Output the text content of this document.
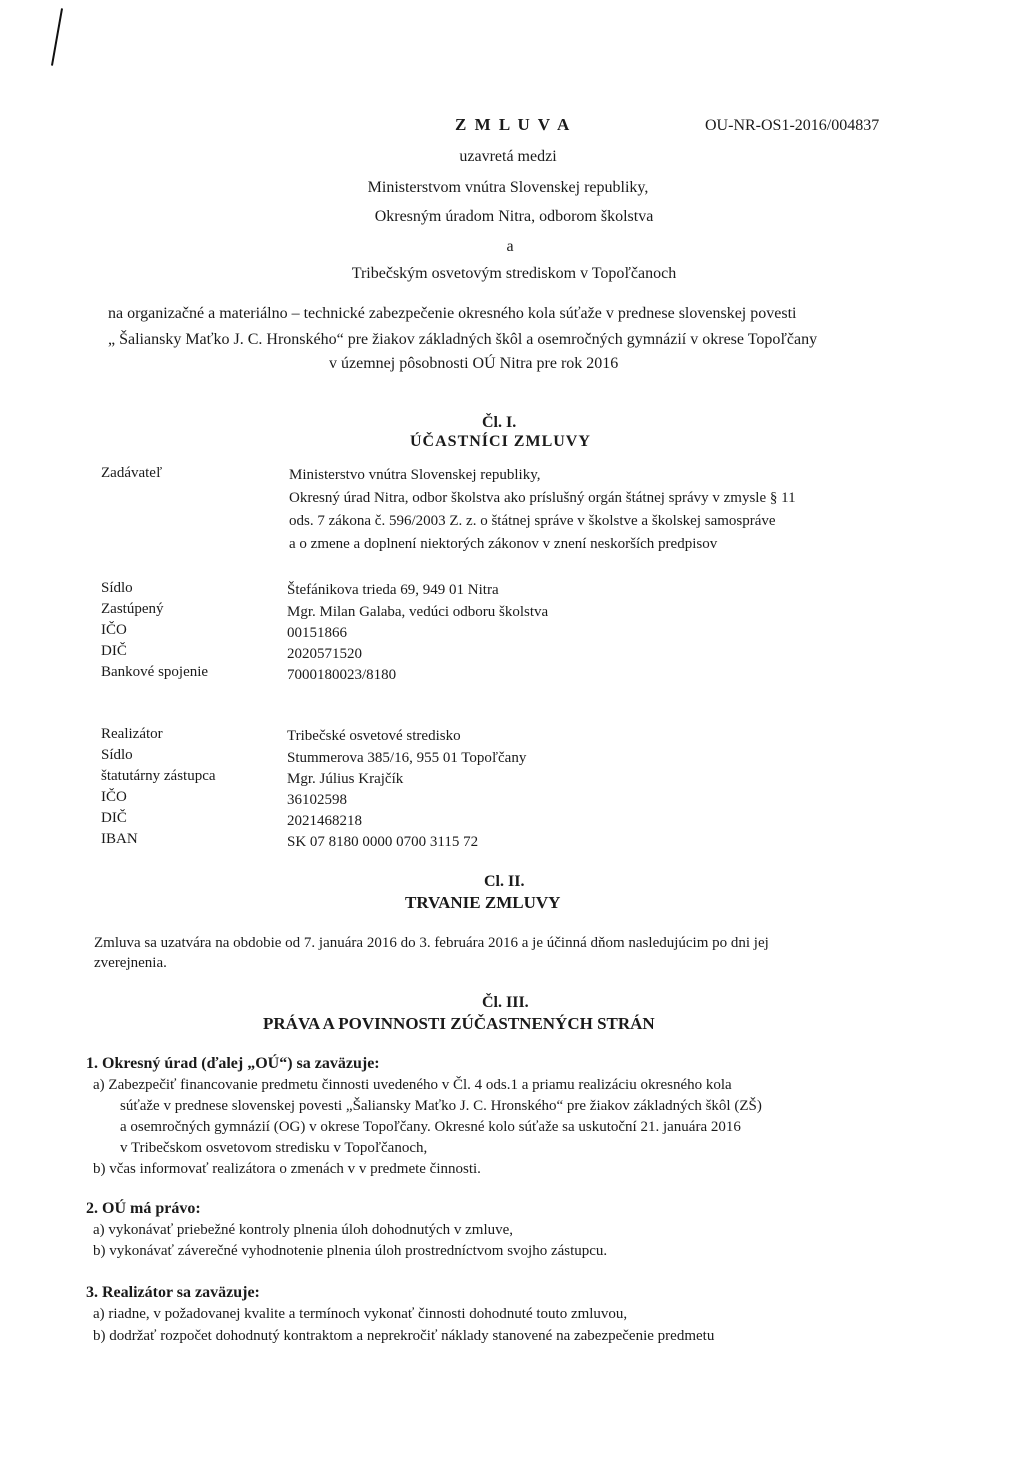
Z M L U V A	OU-NR-OS1-2016/004837
uzavretá medzi
Ministerstvom vnútra Slovenskej republiky,
Okresným úradom Nitra, odborom školstva
a
Tribečským osvetovým strediskom v Topoľčanoch
na organizačné a materiálno – technické zabezpečenie okresného kola súťaže v prednese slovenskej povesti
„ Šaliansky Maťko J. C. Hronského“ pre žiakov základných škôl a osemročných gymnázií v okrese Topoľčany
v územnej pôsobnosti OÚ Nitra pre rok 2016
Čl. I.
ÚČASTNÍCI ZMLUVY
Zadávateľ	Ministerstvo vnútra Slovenskej republiky,
Okresný úrad Nitra, odbor školstva ako príslušný orgán štátnej správy v zmysle § 11
ods. 7 zákona č. 596/2003 Z. z. o štátnej správe v školstve a školskej samospráve
a o zmene a doplnení niektorých zákonov v znení neskorších predpisov
Sídlo	Štefánikova trieda 69, 949 01 Nitra
Zastúpený	Mgr. Milan Galaba, vedúci odboru školstva
IČO	00151866
DIČ	2020571520
Bankové spojenie	7000180023/8180
Realizátor	Tribečské osvetové stredisko
Sídlo	Stummerova 385/16, 955 01 Topoľčany
štatutárny zástupca	Mgr. Július Krajčík
IČO	36102598
DIČ	2021468218
IBAN	SK 07 8180 0000 0700 3115 72
Cl. II.
TRVANIE ZMLUVY
Zmluva sa uzatvára na obdobie od 7. januára 2016 do 3. februára 2016 a je účinná dňom nasledujúcim po dni jej
zverejnenia.
Čl. III.
PRÁVA A POVINNOSTI ZÚČASTNENÝCH STRÁN
1. Okresný úrad (ďalej „OÚ“) sa zaväzuje:
a) Zabezpečiť financovanie predmetu činnosti uvedeného v Čl. 4 ods.1 a priamu realizáciu okresného kola
súťaže v prednese slovenskej povesti „Šaliansky Maťko J. C. Hronského“ pre žiakov základných škôl (ZŠ)
a osemročných gymnázií (OG) v okrese Topoľčany. Okresné kolo súťaže sa uskutoční 21. januára 2016
v Tribečskom osvetovom stredisku v Topoľčanoch,
b) včas informovať realizátora o zmenách v v predmete činnosti.
2. OÚ má právo:
a) vykonávať priebežné kontroly plnenia úloh dohodnutých v zmluve,
b) vykonávať záverečné vyhodnotenie plnenia úloh prostredníctvom svojho zástupcu.
3. Realizátor sa zaväzuje:
a) riadne, v požadovanej kvalite a termínoch vykonať činnosti dohodnuté touto zmluvou,
b) dodržať rozpočet dohodnutý kontraktom a neprekročiť náklady stanovené na zabezpečenie predmetu
